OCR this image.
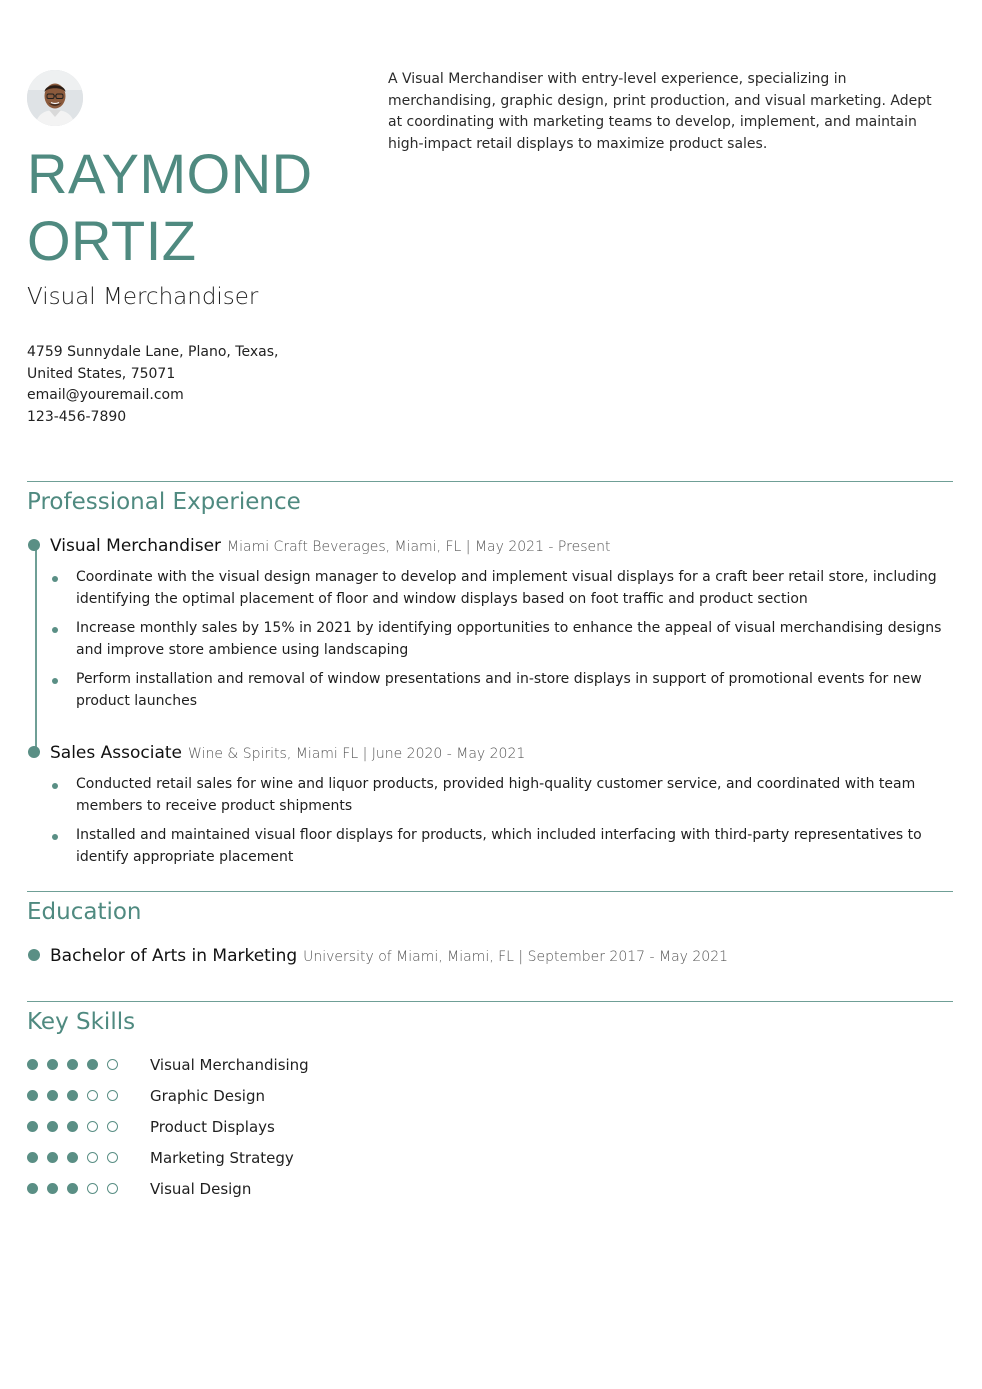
RAYMOND
ORTIZ
Visual Merchandiser
4759 Sunnydale Lane, Plano, Texas, United States, 75071
email@youremail.com
123-456-7890
A Visual Merchandiser with entry-level experience, specializing in merchandising, graphic design, print production, and visual marketing. Adept at coordinating with marketing teams to develop, implement, and maintain high-impact retail displays to maximize product sales.
Professional Experience
Visual Merchandiser Miami Craft Beverages, Miami, FL | May 2021 - Present
Coordinate with the visual design manager to develop and implement visual displays for a craft beer retail store, including identifying the optimal placement of floor and window displays based on foot traffic and product section
Increase monthly sales by 15% in 2021 by identifying opportunities to enhance the appeal of visual merchandising designs and improve store ambience using landscaping
Perform installation and removal of window presentations and in-store displays in support of promotional events for new product launches
Sales Associate Wine & Spirits, Miami FL | June 2020 - May 2021
Conducted retail sales for wine and liquor products, provided high-quality customer service, and coordinated with team members to receive product shipments
Installed and maintained visual floor displays for products, which included interfacing with third-party representatives to identify appropriate placement
Education
Bachelor of Arts in Marketing University of Miami, Miami, FL | September 2017 - May 2021
Key Skills
Visual Merchandising
Graphic Design
Product Displays
Marketing Strategy
Visual Design
